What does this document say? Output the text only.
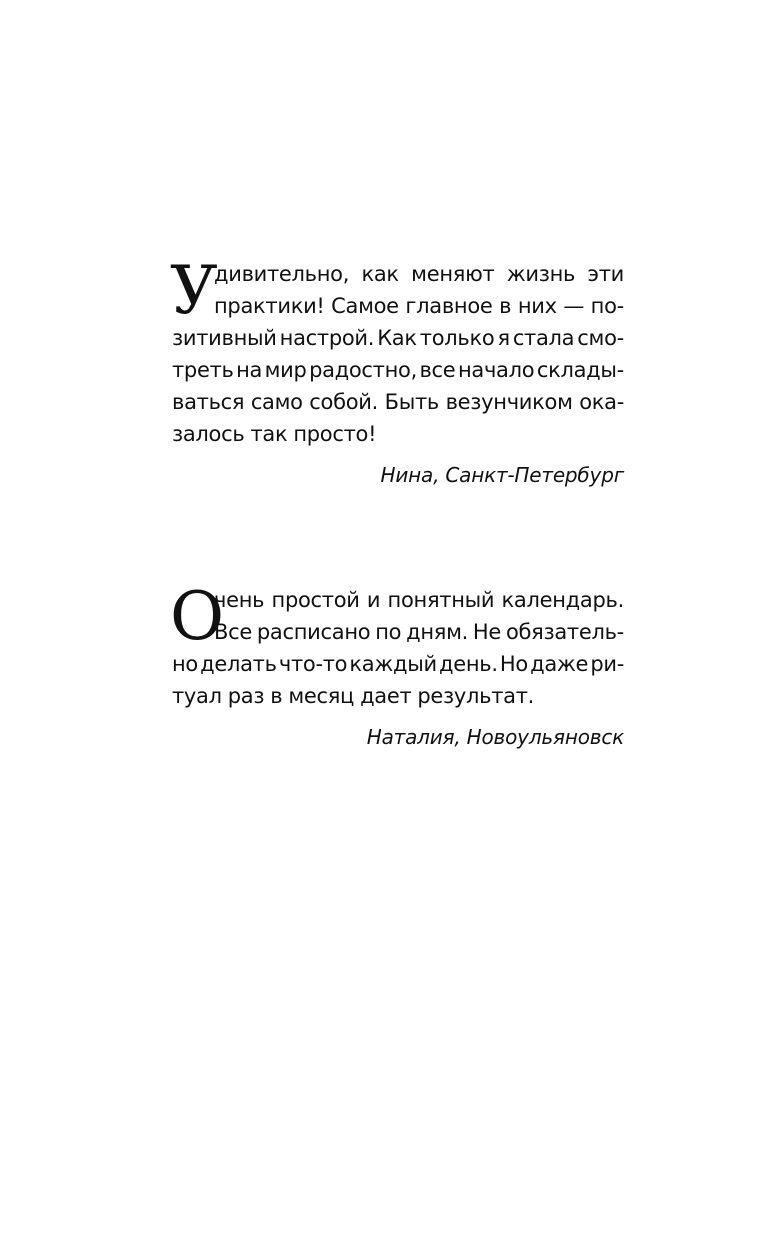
У
дивительно, как меняют жизнь эти
практики! Самое главное в них — по-
зитивный настрой. Как только я стала смо-
треть на мир радостно, все начало склады-
ваться само собой. Быть везунчиком ока-
залось так просто!
Нина, Санкт-Петербург
О
чень простой и понятный календарь.
Все расписано по дням. Не обязатель-
но делать что-то каждый день. Но даже ри-
туал раз в месяц дает результат.
Наталия, Новоульяновск
